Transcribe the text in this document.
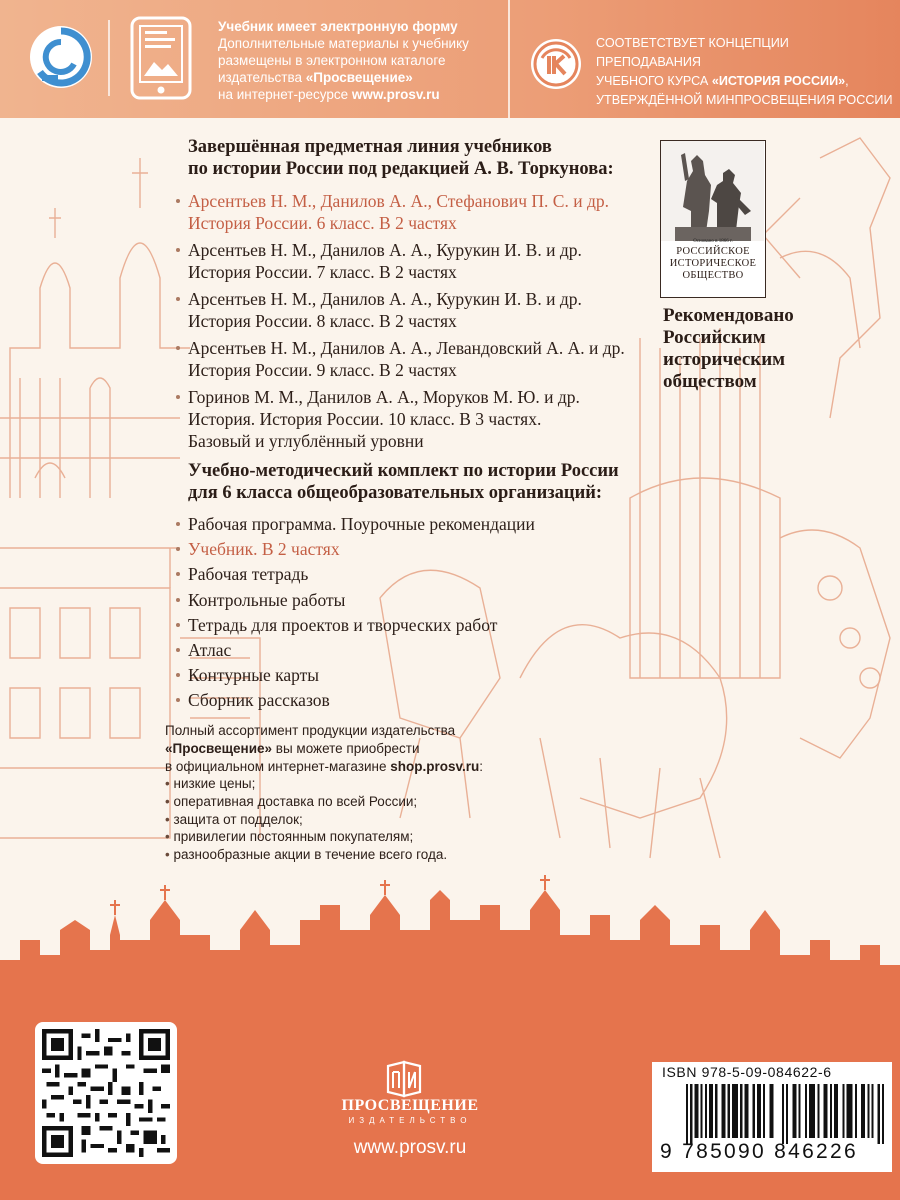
Учебник имеет электронную форму
Дополнительные материалы к учебнику
размещены в электронном каталоге
издательства «Просвещение»
на интернет-ресурсе www.prosv.ru
СООТВЕТСТВУЕТ КОНЦЕПЦИИ ПРЕПОДАВАНИЯ
УЧЕБНОГО КУРСА «ИСТОРИЯ РОССИИ»,
УТВЕРЖДЁННОЙ МИНПРОСВЕЩЕНИЯ РОССИИ
Завершённая предметная линия учебников
по истории России под редакцией А. В. Торкунова:
Арсентьев Н. М., Данилов А. А., Стефанович П. С. и др.
История России. 6 класс. В 2 частях
Арсентьев Н. М., Данилов А. А., Курукин И. В. и др.
История России. 7 класс. В 2 частях
Арсентьев Н. М., Данилов А. А., Курукин И. В. и др.
История России. 8 класс. В 2 частях
Арсентьев Н. М., Данилов А. А., Левандовский А. А. и др.
История России. 9 класс. В 2 частях
Горинов М. М., Данилов А. А., Моруков М. Ю. и др.
История. История России. 10 класс. В 3 частях.
Базовый и углублённый уровни
Учебно-методический комплект по истории России
для 6 класса общеобразовательных организаций:
Рабочая программа. Поурочные рекомендации
Учебник. В 2 частях
Рабочая тетрадь
Контрольные работы
Тетрадь для проектов и творческих работ
Атлас
Контурные карты
Сборник рассказов
Полный ассортимент продукции издательства
«Просвещение» вы можете приобрести
в официальном интернет-магазине shop.prosv.ru:
• низкие цены;
• оперативная доставка по всей России;
• защита от подделок;
• привилегии постоянным покупателям;
• разнообразные акции в течение всего года.
Основано в 1866 г.
РОССИЙСКОЕ
ИСТОРИЧЕСКОЕ
ОБЩЕСТВО
Рекомендовано
Российским
историческим
обществом
ПРОСВЕЩЕНИЕ
ИЗДАТЕЛЬСТВО
www.prosv.ru
ISBN 978-5-09-084622-6
9 785090 846226
